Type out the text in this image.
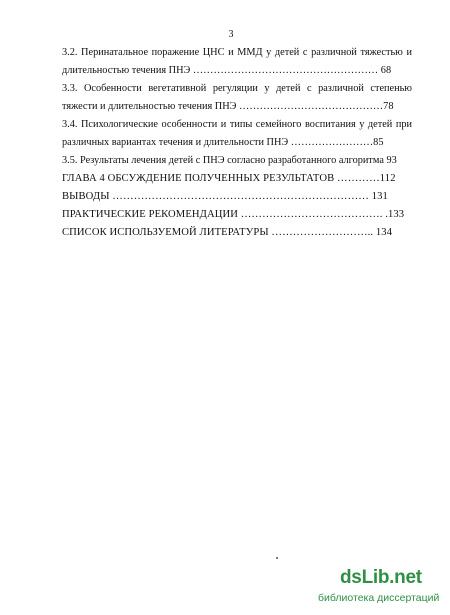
3
3.2. Перинатальное поражение ЦНС и ММД у детей с различной тяжестью и
длительностью течения ПНЭ ……………………………………………… 68
3.3. Особенности вегетативной регуляции у детей с различной степенью
тяжести и длительностью течения ПНЭ ……………………………………78
3.4. Психологические особенности и типы семейного воспитания у детей при
различных вариантах течения и длительности ПНЭ ……………………85
3.5. Результаты лечения детей с ПНЭ согласно разработанного алгоритма 93
ГЛАВА 4 ОБСУЖДЕНИЕ ПОЛУЧЕННЫХ РЕЗУЛЬТАТОВ …………112
ВЫВОДЫ ……………………………………………………………… 131
ПРАКТИЧЕСКИЕ РЕКОМЕНДАЦИИ …………………………………. .133
СПИСОК ИСПОЛЬЗУЕМОЙ ЛИТЕРАТУРЫ ……………………….. 134
dsLib.net
библиотека диссертаций
